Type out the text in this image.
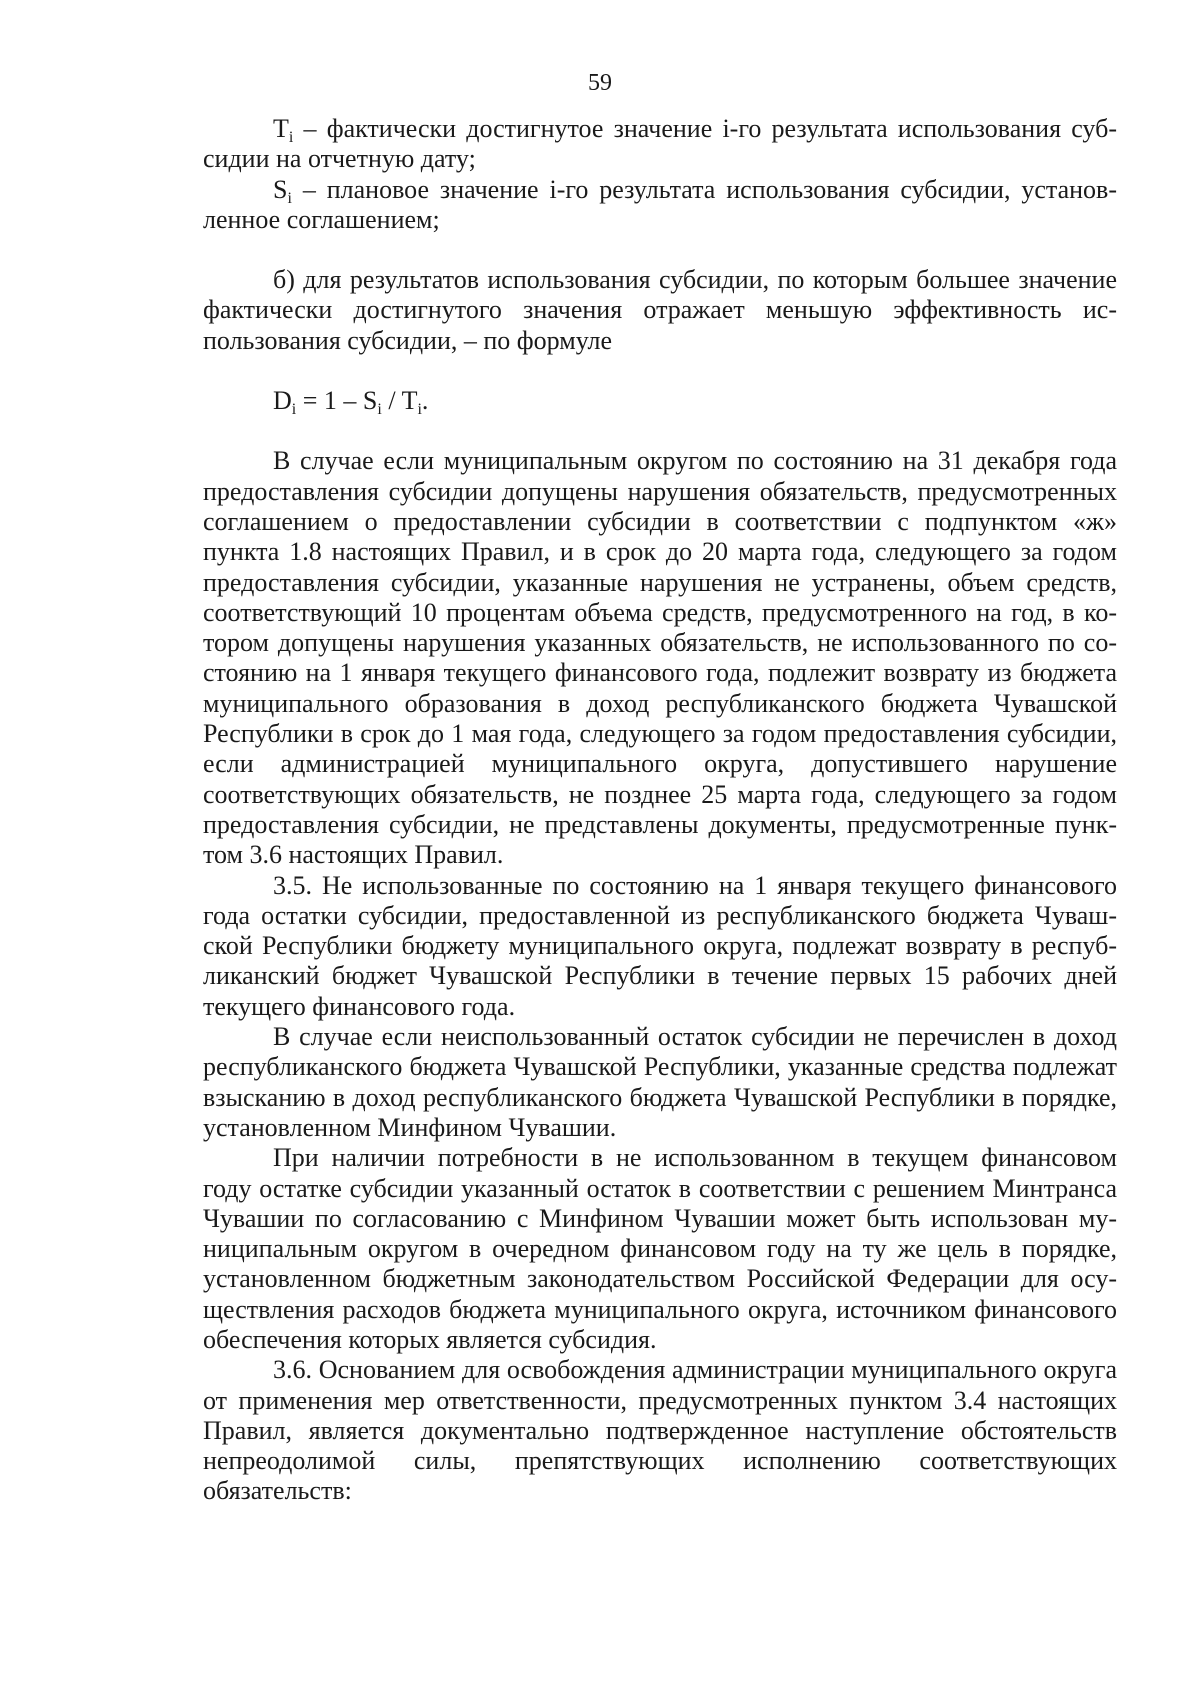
59

$T_i$ – фактически достигнутое значение i-го результата использования субсидии на отчетную дату;

$S_i$ – плановое значение i-го результата использования субсидии, установленное соглашением;

б) для результатов использования субсидии, по которым большее значение фактически достигнутого значения отражает меньшую эффективность использования субсидии, – по формуле

$D_i = 1 - S_i / T_i$.

В случае если муниципальным округом по состоянию на 31 декабря года предоставления субсидии допущены нарушения обязательств, предусмотренных соглашением о предоставлении субсидии в соответствии с подпунктом «ж» пункта 1.8 настоящих Правил, и в срок до 20 марта года, следующего за годом предоставления субсидии, указанные нарушения не устранены, объем средств, соответствующий 10 процентам объема средств, предусмотренного на год, в котором допущены нарушения указанных обязательств, не использованного по состоянию на 1 января текущего финансового года, подлежит возврату из бюджета муниципального образования в доход республиканского бюджета Чувашской Республики в срок до 1 мая года, следующего за годом предоставления субсидии, если администрацией муниципального округа, допустившего нарушение соответствующих обязательств, не позднее 25 марта года, следующего за годом предоставления субсидии, не представлены документы, предусмотренные пунктом 3.6 настоящих Правил.

3.5. Не использованные по состоянию на 1 января текущего финансового года остатки субсидии, предоставленной из республиканского бюджета Чувашской Республики бюджету муниципального округа, подлежат возврату в республиканский бюджет Чувашской Республики в течение первых 15 рабочих дней текущего финансового года.

В случае если неиспользованный остаток субсидии не перечислен в доход республиканского бюджета Чувашской Республики, указанные средства подлежат взысканию в доход республиканского бюджета Чувашской Республики в порядке, установленном Минфином Чувашии.

При наличии потребности в не использованном в текущем финансовом году остатке субсидии указанный остаток в соответствии с решением Минтранса Чувашии по согласованию с Минфином Чувашии может быть использован муниципальным округом в очередном финансовом году на ту же цель в порядке, установленном бюджетным законодательством Российской Федерации для осуществления расходов бюджета муниципального округа, источником финансового обеспечения которых является субсидия.

3.6. Основанием для освобождения администрации муниципального округа от применения мер ответственности, предусмотренных пунктом 3.4 настоящих Правил, является документально подтвержденное наступление обстоятельств непреодолимой силы, препятствующих исполнению соответствующих обязательств:
